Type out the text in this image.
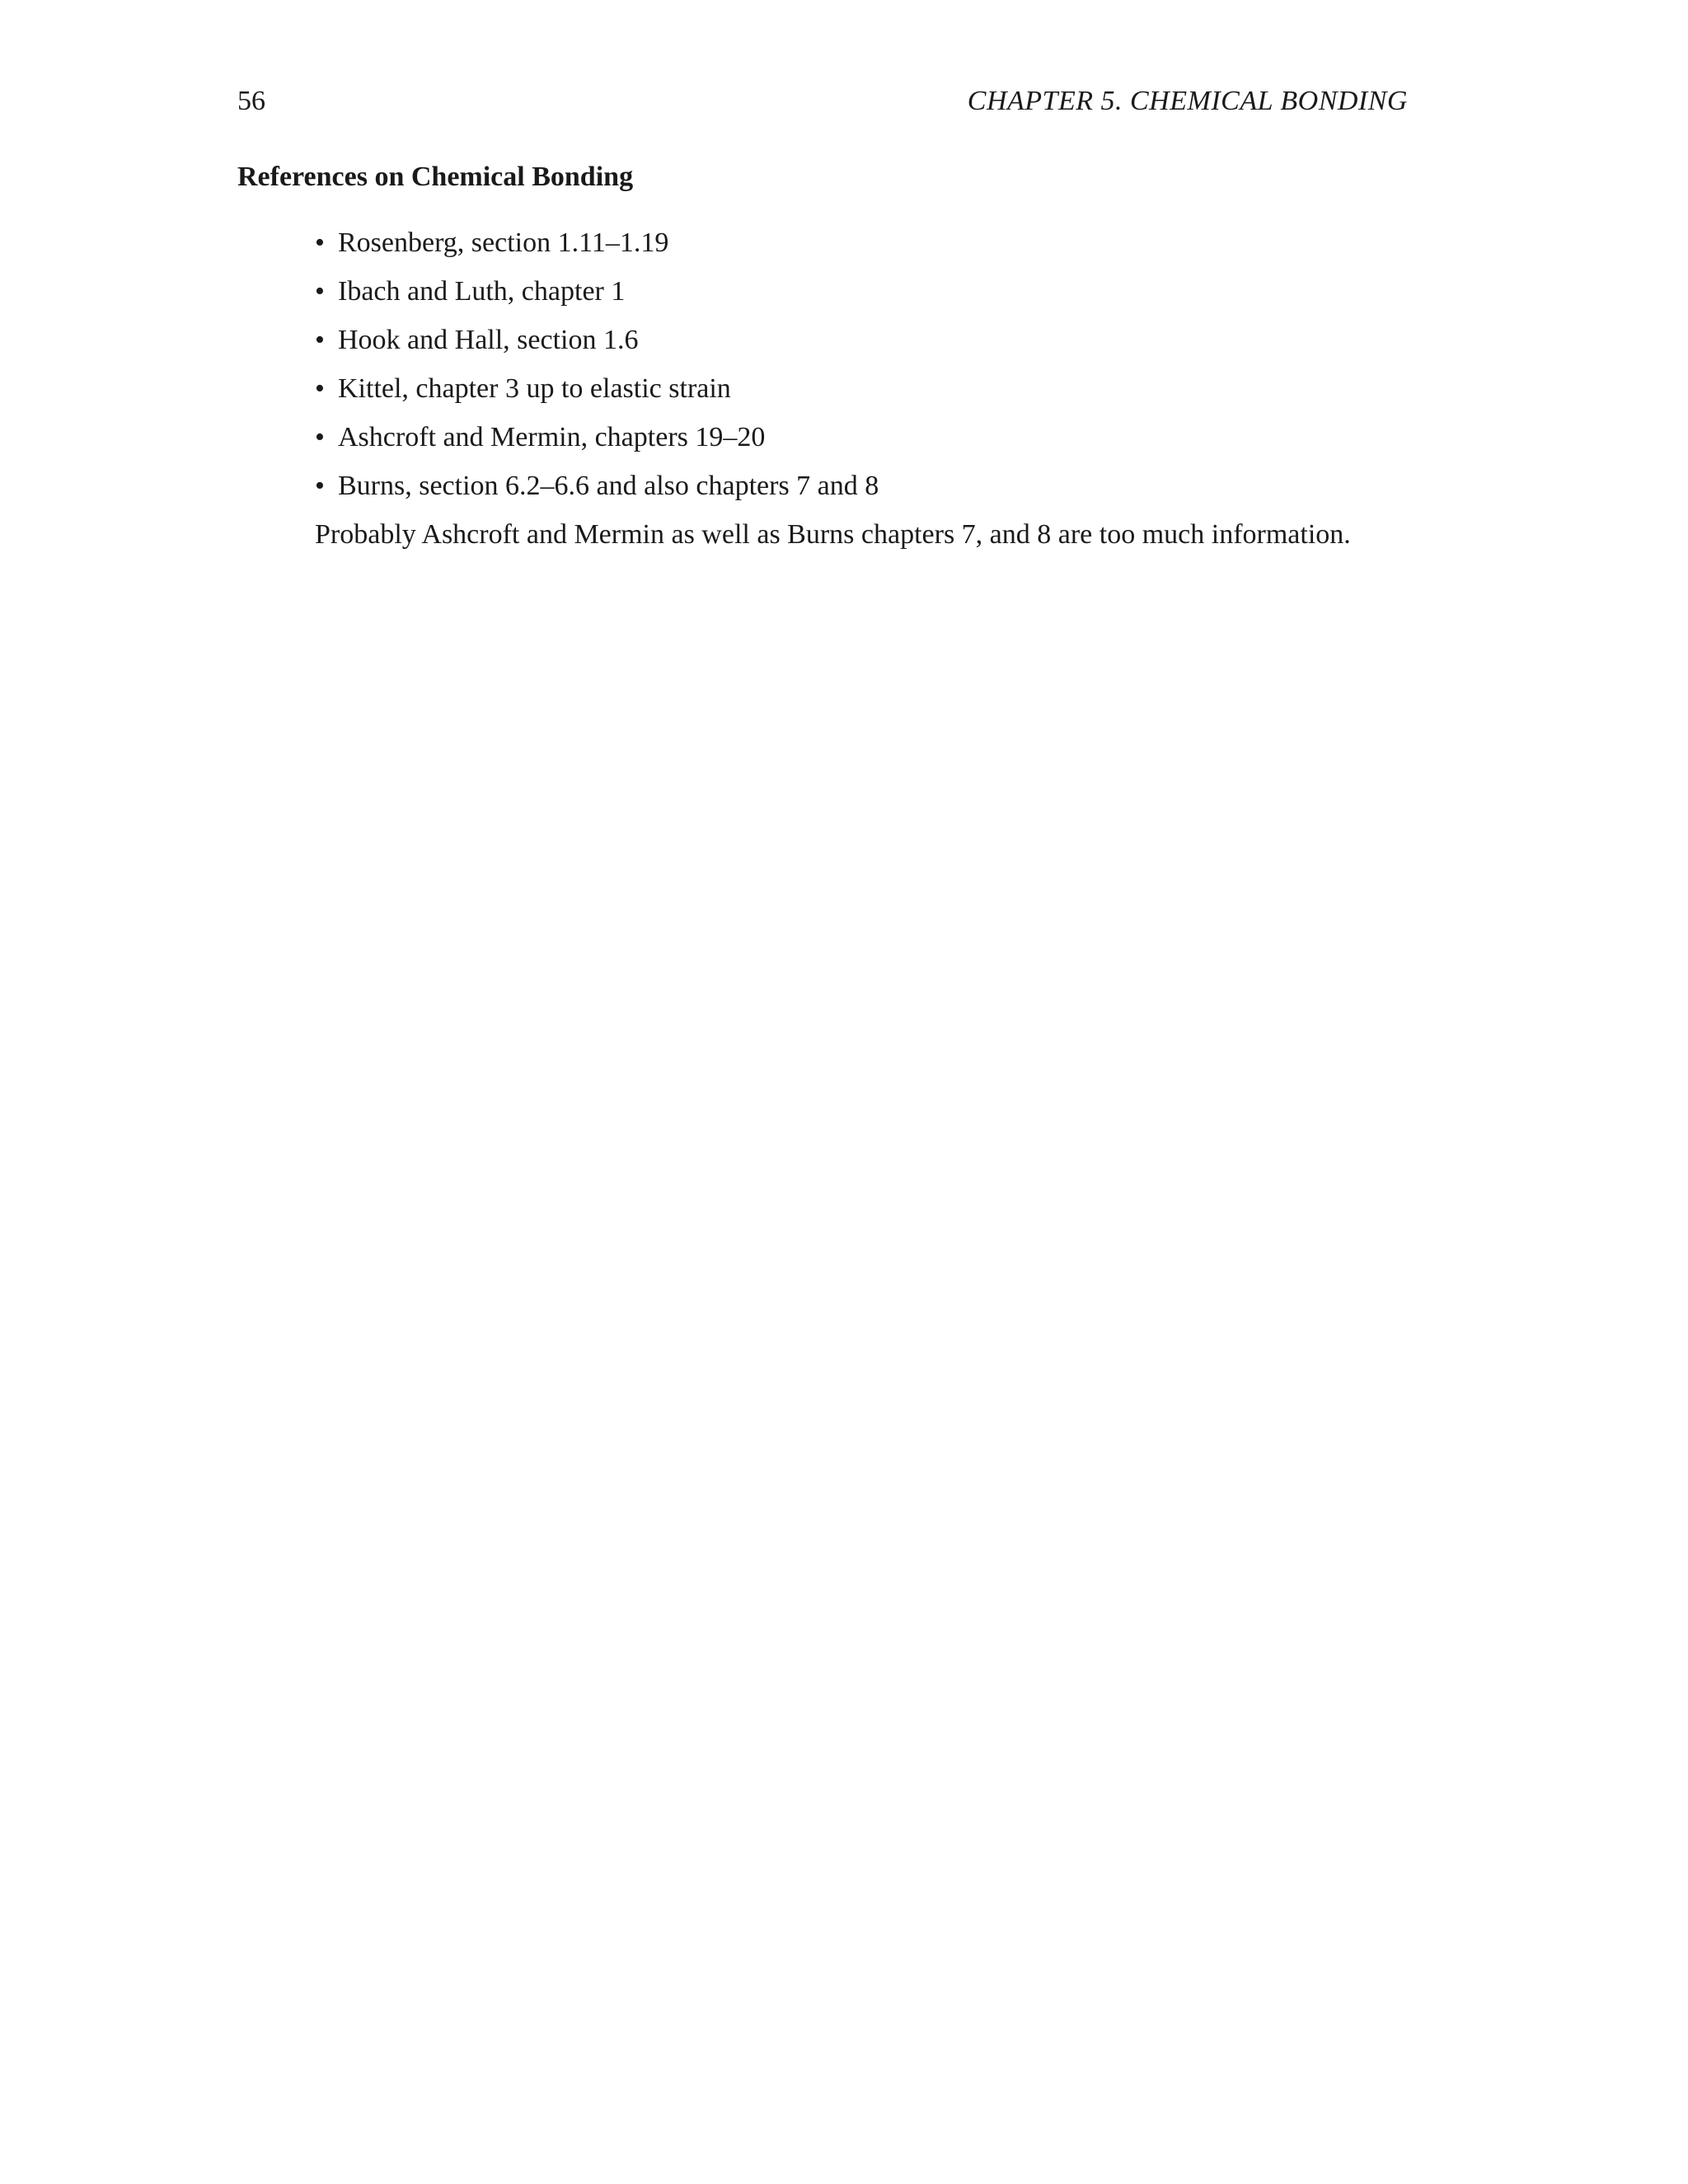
56	CHAPTER 5. CHEMICAL BONDING
References on Chemical Bonding
• Rosenberg, section 1.11–1.19
• Ibach and Luth, chapter 1
• Hook and Hall, section 1.6
• Kittel, chapter 3 up to elastic strain
• Ashcroft and Mermin, chapters 19–20
• Burns, section 6.2–6.6 and also chapters 7 and 8
Probably Ashcroft and Mermin as well as Burns chapters 7, and 8 are too much information.
